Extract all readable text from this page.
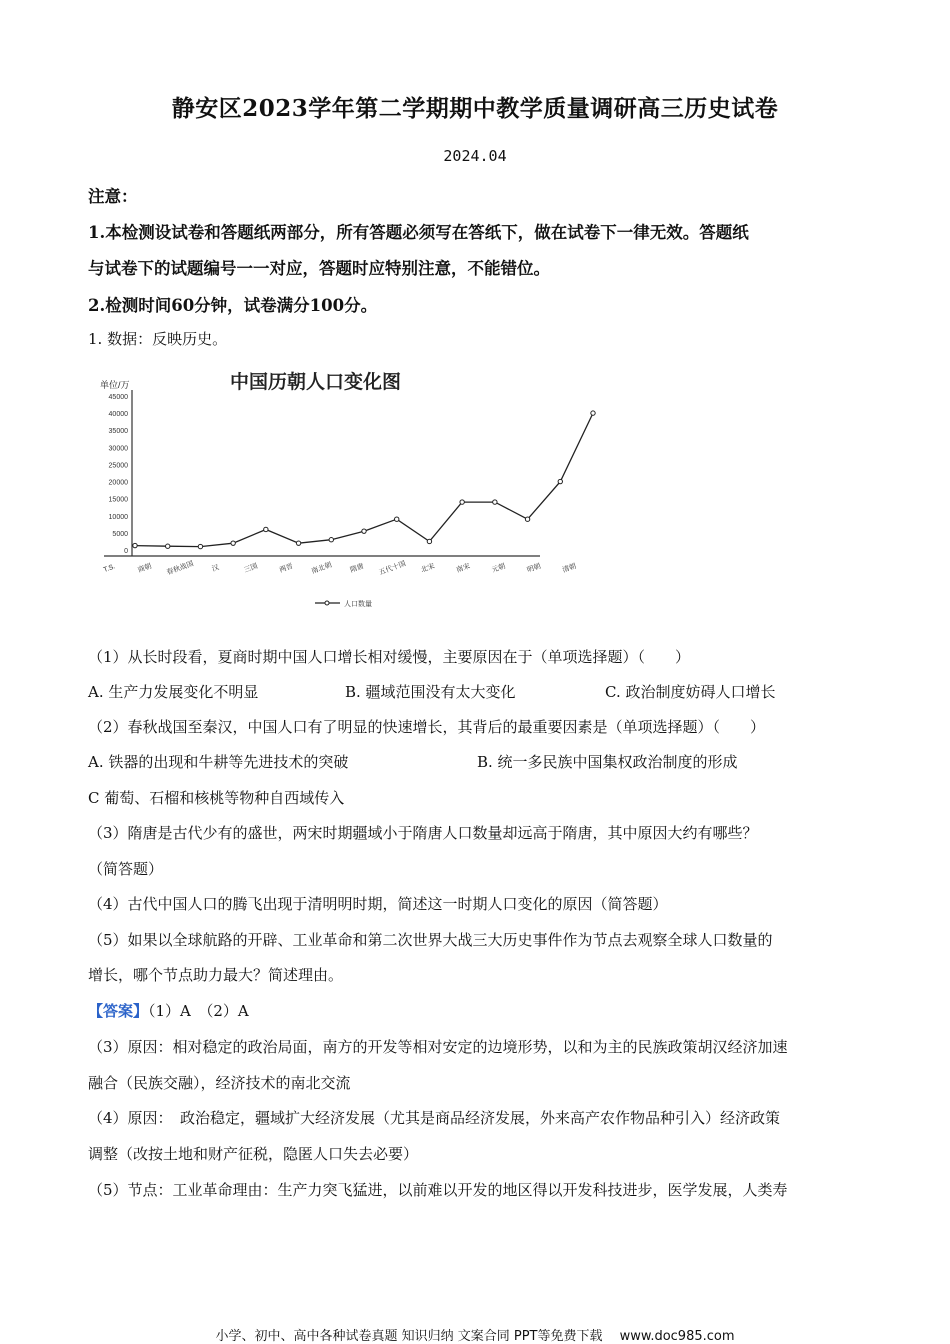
静安区2023学年第二学期期中教学质量调研高三历史试卷
2024.04
注意：
1.本检测设试卷和答题纸两部分，所有答题必须写在答纸下，做在试卷下一律无效。答题纸
与试卷下的试题编号一一对应，答题时应特别注意，不能错位。
2.检测时间60分钟，试卷满分100分。
1. 数据：反映历史。
中国历朝人口变化图
单位/万
0
5000
10000
15000
20000
25000
30000
35000
40000
45000
T.S.	商朝 春秋战国 汉	三国	两晋 南北朝 隋唐 五代十国 北宋	南宋	元朝	明朝	清朝
人口数量
（1）从长时段看，夏商时期中国人口增长相对缓慢，主要原因在于（单项选择题）（　　）
A. 生产力发展变化不明显	B. 疆域范围没有太大变化	C. 政治制度妨碍人口增长
（2）春秋战国至秦汉，中国人口有了明显的快速增长，其背后的最重要因素是（单项选择题）（　　）
A. 铁器的出现和牛耕等先进技术的突破	B. 统一多民族中国集权政治制度的形成
C 葡萄、石榴和核桃等物种自西域传入
（3）隋唐是古代少有的盛世，两宋时期疆域小于隋唐人口数量却远高于隋唐，其中原因大约有哪些？
（简答题）
（4）古代中国人口的腾飞出现于清明明时期，简述这一时期人口变化的原因（简答题）
（5）如果以全球航路的开辟、工业革命和第二次世界大战三大历史事件作为节点去观察全球人口数量的
增长，哪个节点助力最大？简述理由。
【答案】（1）A　（2）A
（3）原因：相对稳定的政治局面，南方的开发等相对安定的边境形势，以和为主的民族政策胡汉经济加速
融合（民族交融），经济技术的南北交流
（4）原因：　政治稳定，疆域扩大经济发展（尤其是商品经济发展，外来高产农作物品种引入）经济政策
调整（改按土地和财产征税，隐匿人口失去必要）
（5）节点：工业革命理由：生产力突飞猛进，以前难以开发的地区得以开发科技进步，医学发展，人类寿
小学、初中、高中各种试卷真题 知识归纳 文案合同 PPT等免费下载　 www.doc985.com
